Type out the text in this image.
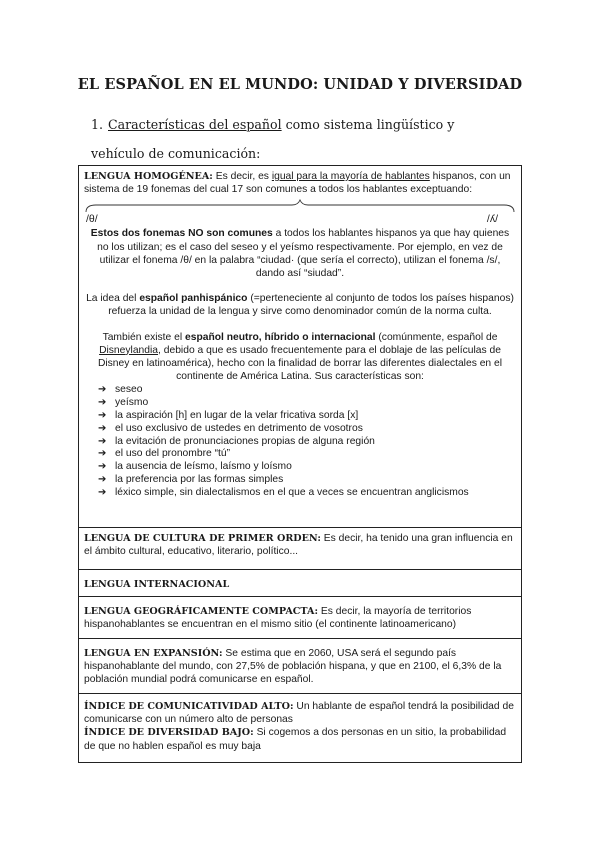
EL ESPAÑOL EN EL MUNDO: UNIDAD Y DIVERSIDAD
1. Características del español como sistema lingüístico y vehículo de comunicación:

LENGUA HOMOGÉNEA: Es decir, es igual para la mayoría de hablantes hispanos, con un sistema de 19 fonemas del cual 17 son comunes a todos los hablantes exceptuando:

/θ/	/ʎ/

Estos dos fonemas NO son comunes a todos los hablantes hispanos ya que hay quienes no los utilizan; es el caso del seseo y el yeísmo respectivamente. Por ejemplo, en vez de utilizar el fonema /θ/ en la palabra “ciudad· (que sería el correcto), utilizan el fonema /s/, dando así “siudad”.

La idea del español panhispánico (=perteneciente al conjunto de todos los países hispanos) refuerza la unidad de la lengua y sirve como denominador común de la norma culta.

También existe el español neutro, híbrido o internacional (comúnmente, español de Disneylandia, debido a que es usado frecuentemente para el doblaje de las películas de Disney en latinoamérica), hecho con la finalidad de borrar las diferentes dialectales en el continente de América Latina. Sus características son:

➔ seseo
➔ yeísmo
➔ la aspiración [h] en lugar de la velar fricativa sorda [x]
➔ el uso exclusivo de ustedes en detrimento de vosotros
➔ la evitación de pronunciaciones propias de alguna región
➔ el uso del pronombre “tú”
➔ la ausencia de leísmo, laísmo y loísmo
➔ la preferencia por las formas simples
➔ léxico simple, sin dialectalismos en el que a veces se encuentran anglicismos

LENGUA DE CULTURA DE PRIMER ORDEN: Es decir, ha tenido una gran influencia en el ámbito cultural, educativo, literario, político...

LENGUA INTERNACIONAL

LENGUA GEOGRÁFICAMENTE COMPACTA: Es decir, la mayoría de territorios hispanohablantes se encuentran en el mismo sitio (el continente latinoamericano)

LENGUA EN EXPANSIÓN: Se estima que en 2060, USA será el segundo país hispanohablante del mundo, con 27,5% de población hispana, y que en 2100, el 6,3% de la población mundial podrá comunicarse en español.

ÍNDICE DE COMUNICATIVIDAD ALTO: Un hablante de español tendrá la posibilidad de comunicarse con un número alto de personas

ÍNDICE DE DIVERSIDAD BAJO: Si cogemos a dos personas en un sitio, la probabilidad de que no hablen español es muy baja
